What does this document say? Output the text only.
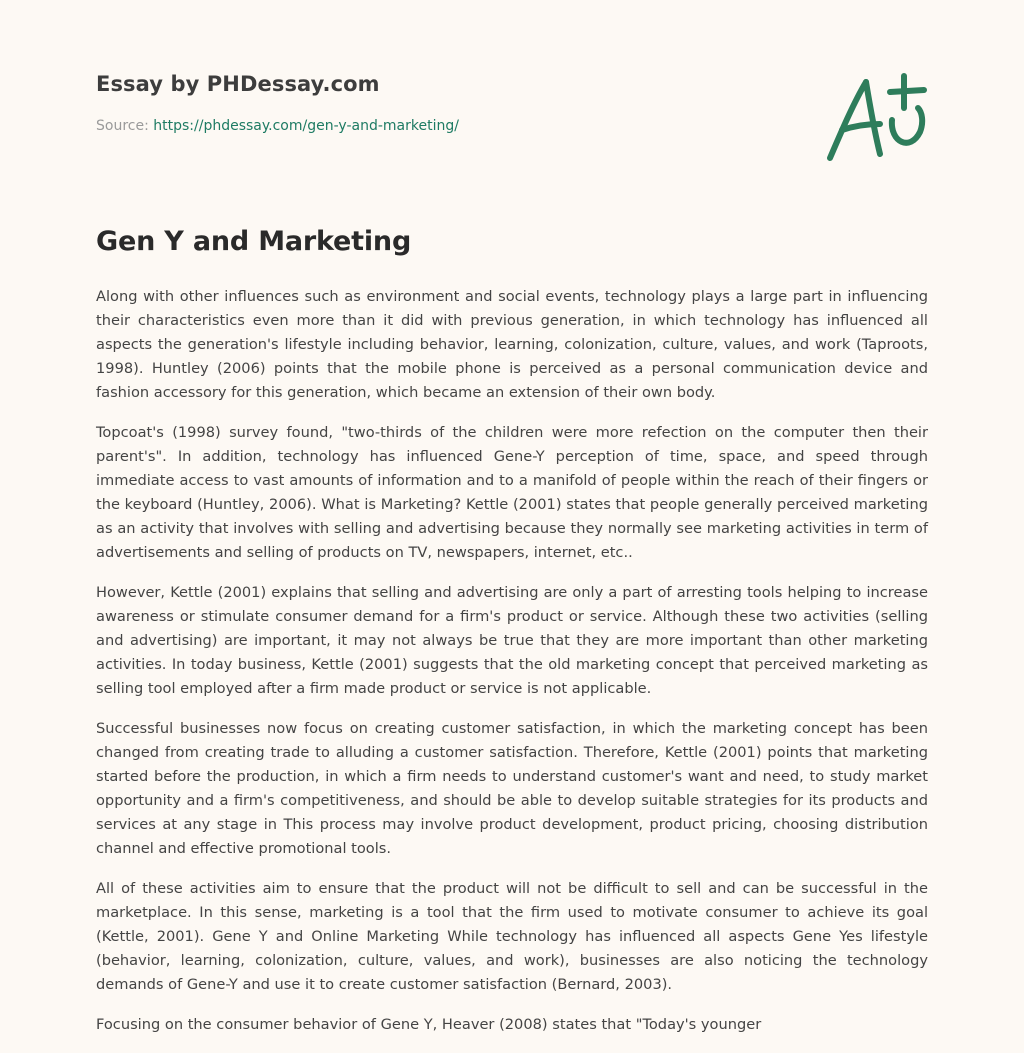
Essay by PHDessay.com
Source: https://phdessay.com/gen-y-and-marketing/
Gen Y and Marketing

Along with other influences such as environment and social events, technology plays a large part in influencing their characteristics even more than it did with previous generation, in which technology has influenced all aspects the generation's lifestyle including behavior, learning, colonization, culture, values, and work (Taproots, 1998). Huntley (2006) points that the mobile phone is perceived as a personal communication device and fashion accessory for this generation, which became an extension of their own body.

Topcoat's (1998) survey found, "two-thirds of the children were more refection on the computer then their parent's". In addition, technology has influenced Gene-Y perception of time, space, and speed through immediate access to vast amounts of information and to a manifold of people within the reach of their fingers or the keyboard (Huntley, 2006). What is Marketing? Kettle (2001) states that people generally perceived marketing as an activity that involves with selling and advertising because they normally see marketing activities in term of advertisements and selling of products on TV, newspapers, internet, etc..

However, Kettle (2001) explains that selling and advertising are only a part of arresting tools helping to increase awareness or stimulate consumer demand for a firm's product or service. Although these two activities (selling and advertising) are important, it may not always be true that they are more important than other marketing activities. In today business, Kettle (2001) suggests that the old marketing concept that perceived marketing as selling tool employed after a firm made product or service is not applicable.

Successful businesses now focus on creating customer satisfaction, in which the marketing concept has been changed from creating trade to alluding a customer satisfaction. Therefore, Kettle (2001) points that marketing started before the production, in which a firm needs to understand customer's want and need, to study market opportunity and a firm's competitiveness, and should be able to develop suitable strategies for its products and services at any stage in This process may involve product development, product pricing, choosing distribution channel and effective promotional tools.

All of these activities aim to ensure that the product will not be difficult to sell and can be successful in the marketplace. In this sense, marketing is a tool that the firm used to motivate consumer to achieve its goal (Kettle, 2001). Gene Y and Online Marketing While technology has influenced all aspects Gene Yes lifestyle (behavior, learning, colonization, culture, values, and work), businesses are also noticing the technology demands of Gene-Y and use it to create customer satisfaction (Bernard, 2003).

Focusing on the consumer behavior of Gene Y, Heaver (2008) states that "Today's younger
